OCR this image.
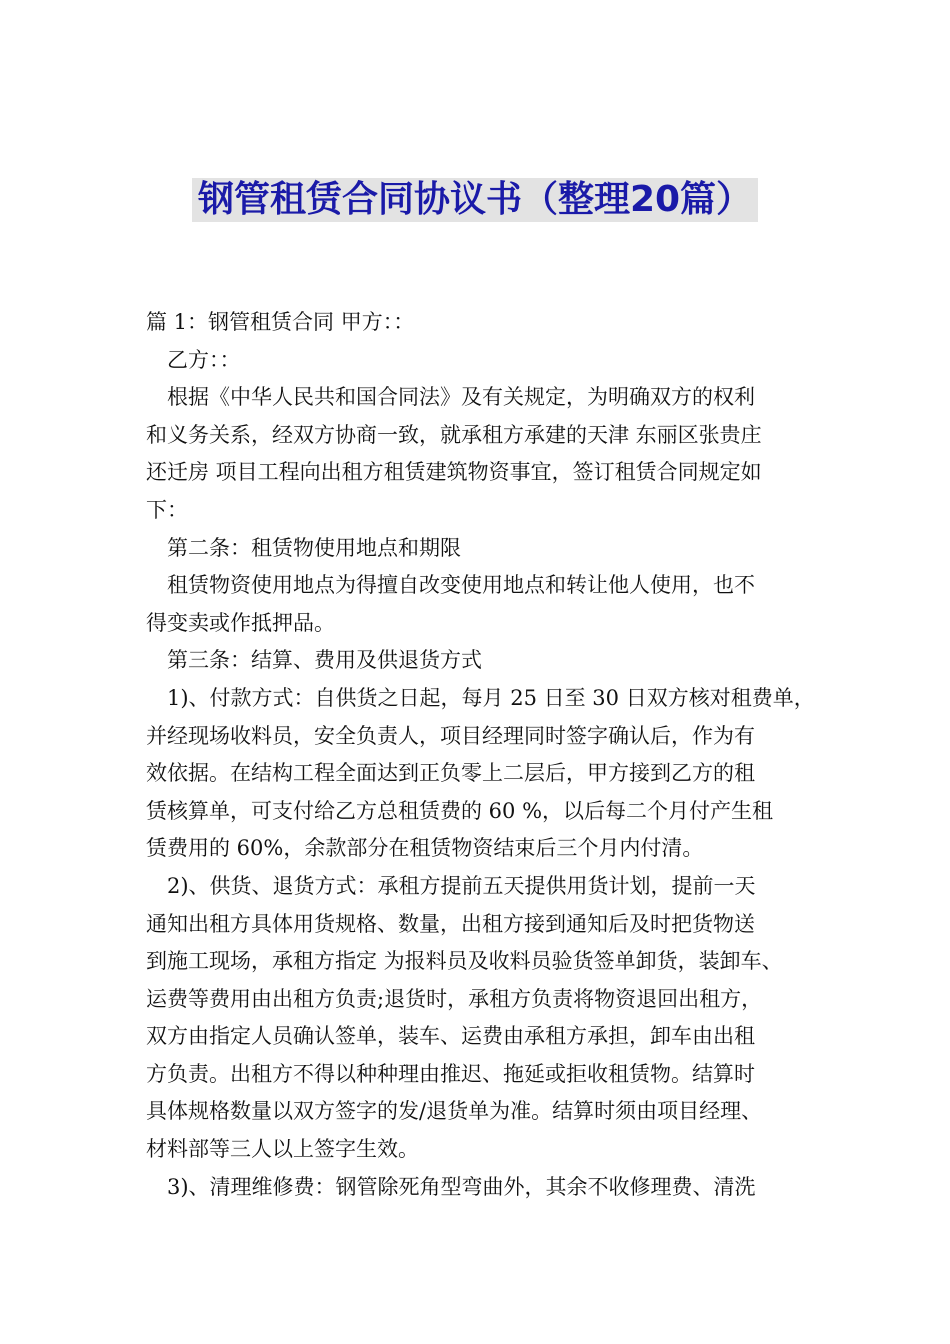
钢管租赁合同协议书（整理20篇）

篇 1：钢管租赁合同 甲方：：

乙方：：

根据《中华人民共和国合同法》及有关规定，为明确双方的权利

和义务关系，经双方协商一致，就承租方承建的天津 东丽区张贵庄

还迁房 项目工程向出租方租赁建筑物资事宜，签订租赁合同规定如

下：

第二条：租赁物使用地点和期限

租赁物资使用地点为得擅自改变使用地点和转让他人使用，也不

得变卖或作抵押品。

第三条：结算、费用及供退货方式

1)、付款方式：自供货之日起，每月 25 日至 30 日双方核对租费单，

并经现场收料员，安全负责人，项目经理同时签字确认后，作为有

效依据。在结构工程全面达到正负零上二层后，甲方接到乙方的租

赁核算单，可支付给乙方总租赁费的 60 %，以后每二个月付产生租

赁费用的 60%，余款部分在租赁物资结束后三个月内付清。

2)、供货、退货方式：承租方提前五天提供用货计划，提前一天

通知出租方具体用货规格、数量，出租方接到通知后及时把货物送

到施工现场，承租方指定 为报料员及收料员验货签单卸货，装卸车、

运费等费用由出租方负责;退货时，承租方负责将物资退回出租方，

双方由指定人员确认签单，装车、运费由承租方承担，卸车由出租

方负责。出租方不得以种种理由推迟、拖延或拒收租赁物。结算时

具体规格数量以双方签字的发/退货单为准。结算时须由项目经理、

材料部等三人以上签字生效。

3)、清理维修费：钢管除死角型弯曲外，其余不收修理费、清洗
